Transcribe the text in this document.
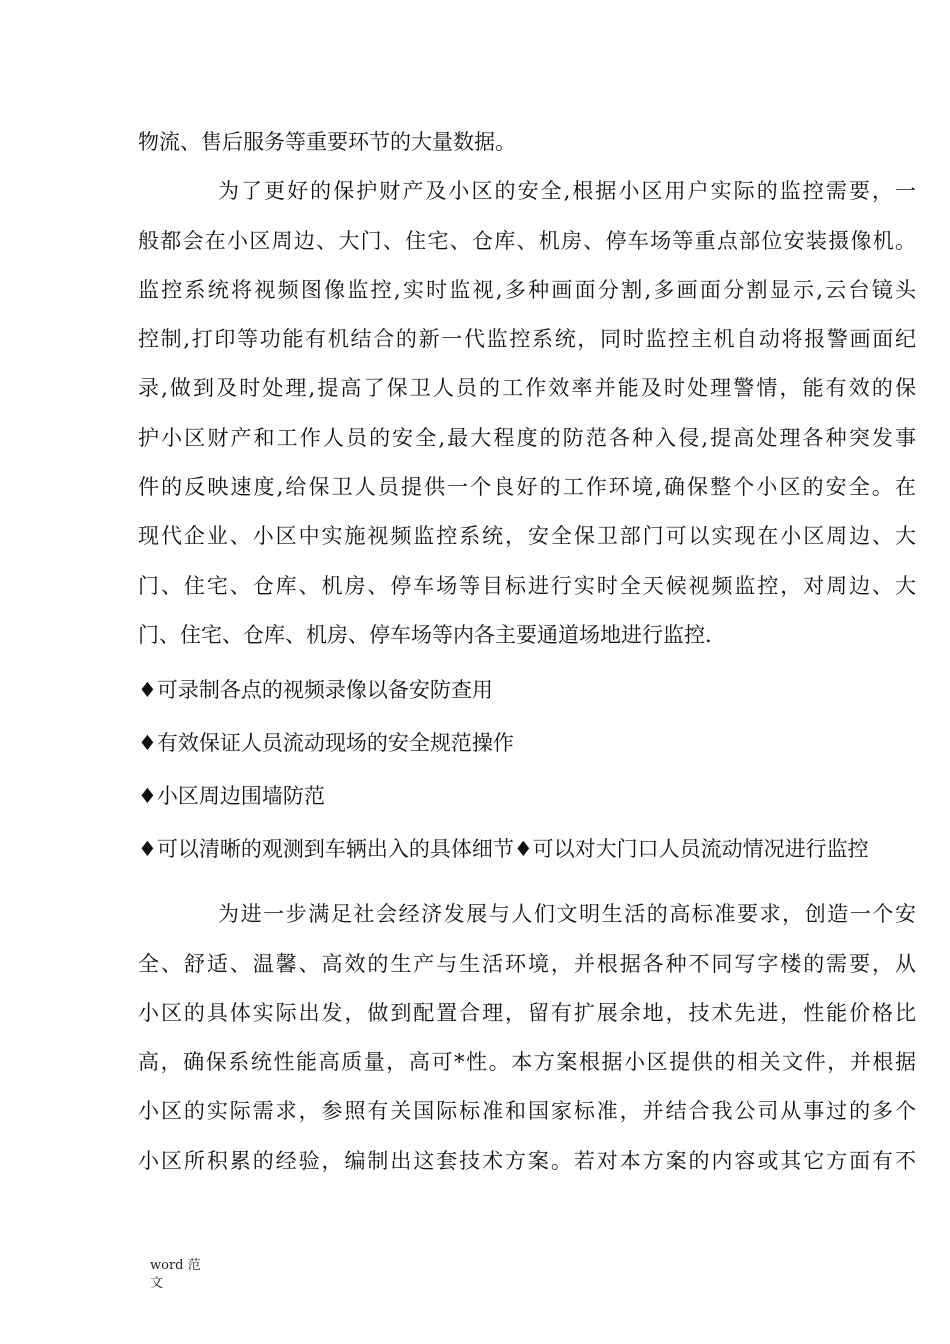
物流、售后服务等重要环节的大量数据。
为了更好的保护财产及小区的安全,根据小区用户实际的监控需要，一
般都会在小区周边、大门、住宅、仓库、机房、停车场等重点部位安装摄像机。
监控系统将视频图像监控,实时监视,多种画面分割,多画面分割显示,云台镜头
控制,打印等功能有机结合的新一代监控系统，同时监控主机自动将报警画面纪
录,做到及时处理,提高了保卫人员的工作效率并能及时处理警情，能有效的保
护小区财产和工作人员的安全,最大程度的防范各种入侵,提高处理各种突发事
件的反映速度,给保卫人员提供一个良好的工作环境,确保整个小区的安全。在
现代企业、小区中实施视频监控系统，安全保卫部门可以实现在小区周边、大
门、住宅、仓库、机房、停车场等目标进行实时全天候视频监控，对周边、大
门、住宅、仓库、机房、停车场等内各主要通道场地进行监控.
♦可录制各点的视频录像以备安防查用
♦有效保证人员流动现场的安全规范操作
♦小区周边围墙防范
♦可以清晰的观测到车辆出入的具体细节♦可以对大门口人员流动情况进行监控
为进一步满足社会经济发展与人们文明生活的高标准要求，创造一个安
全、舒适、温馨、高效的生产与生活环境，并根据各种不同写字楼的需要，从
小区的具体实际出发，做到配置合理，留有扩展余地，技术先进，性能价格比
高，确保系统性能高质量，高可*性。本方案根据小区提供的相关文件，并根据
小区的实际需求，参照有关国际标准和国家标准，并结合我公司从事过的多个
小区所积累的经验，编制出这套技术方案。若对本方案的内容或其它方面有不
word 范
文
